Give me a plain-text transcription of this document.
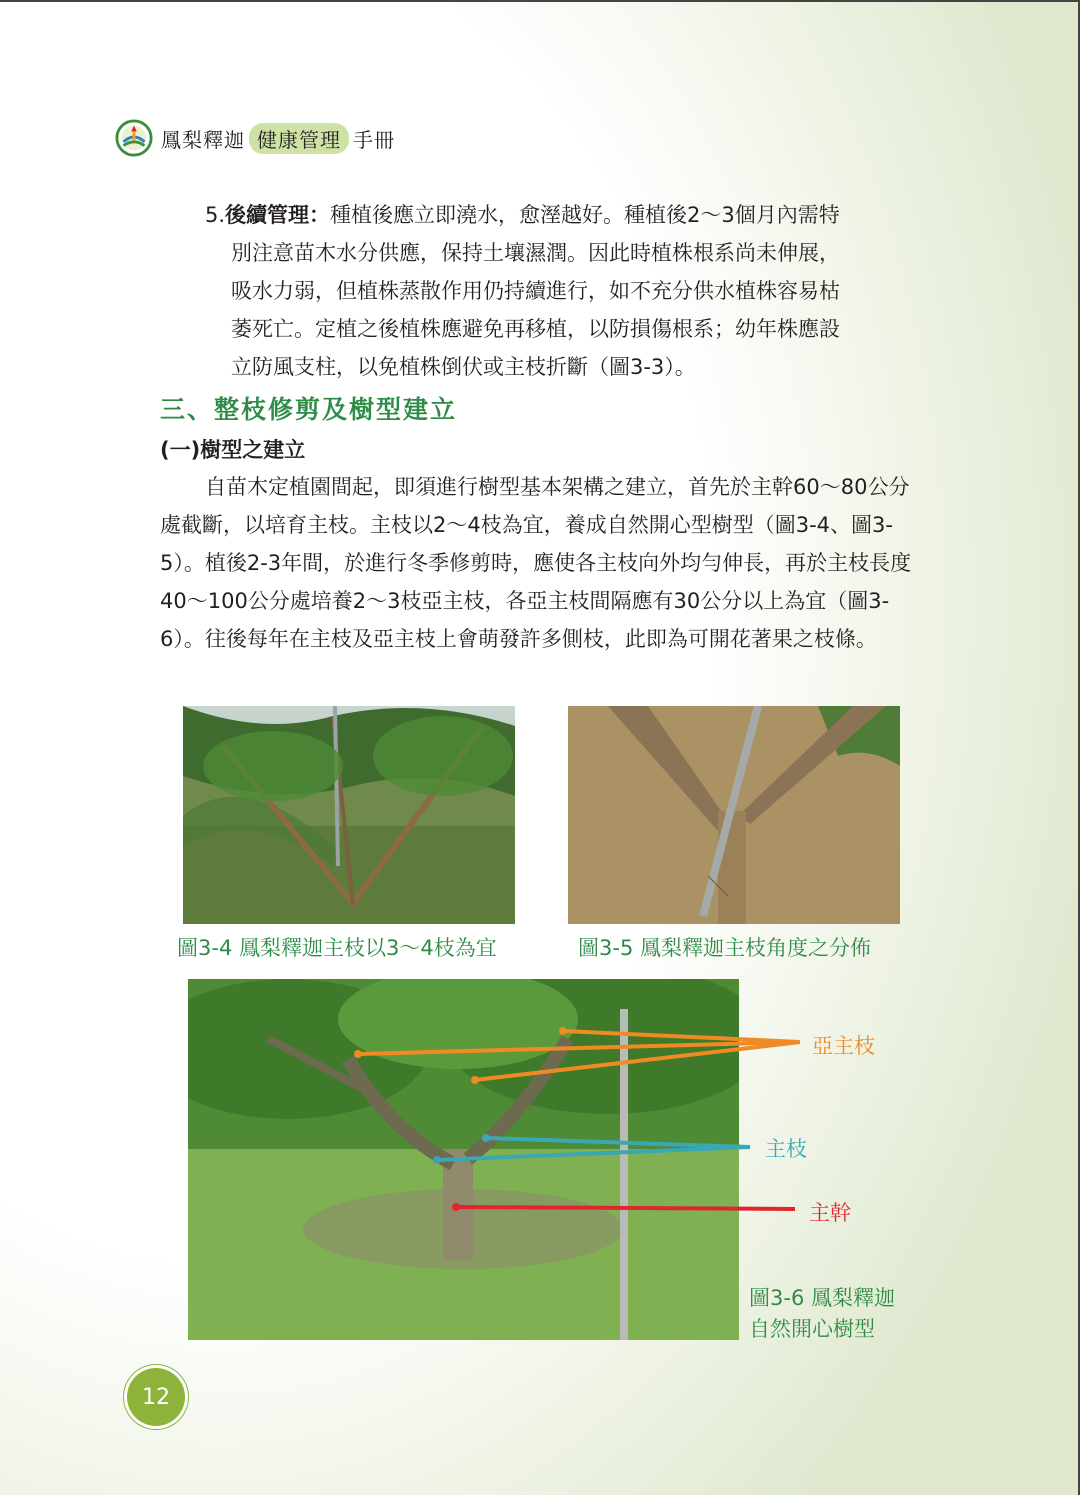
鳳梨釋迦 健康管理 手冊
5.後續管理：種植後應立即澆水，愈溼越好。種植後2～3個月內需特
別注意苗木水分供應，保持土壤濕潤。因此時植株根系尚未伸展，
吸水力弱，但植株蒸散作用仍持續進行，如不充分供水植株容易枯
萎死亡。定植之後植株應避免再移植，以防損傷根系；幼年株應設
立防風支柱，以免植株倒伏或主枝折斷（圖3-3）。
三、整枝修剪及樹型建立
(一)樹型之建立
自苗木定植園間起，即須進行樹型基本架構之建立，首先於主幹60～80公分處截斷，以培育主枝。主枝以2～4枝為宜，養成自然開心型樹型（圖3-4、圖3-5）。植後2-3年間，於進行冬季修剪時，應使各主枝向外均勻伸長，再於主枝長度40～100公分處培養2～3枝亞主枝，各亞主枝間隔應有30公分以上為宜（圖3-6）。往後每年在主枝及亞主枝上會萌發許多側枝，此即為可開花著果之枝條。
圖3-4 鳳梨釋迦主枝以3～4枝為宜	圖3-5 鳳梨釋迦主枝角度之分佈
亞主枝
主枝
主幹
圖3-6 鳳梨釋迦
自然開心樹型
12
